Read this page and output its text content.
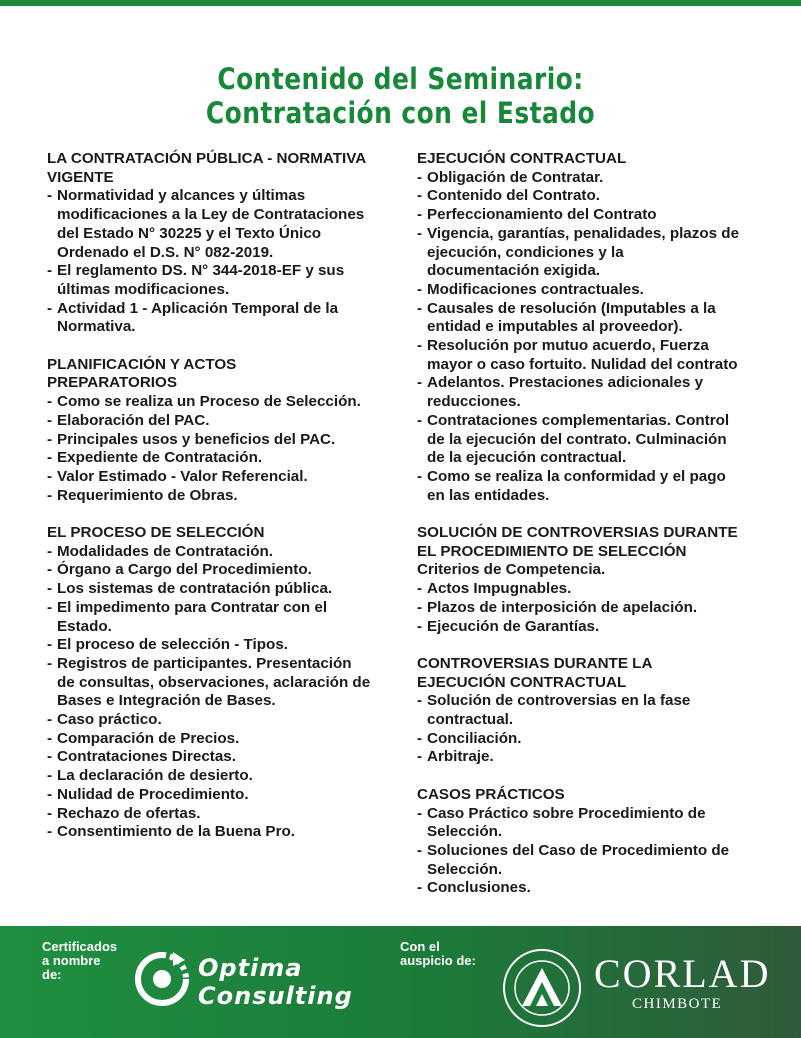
Contenido del Seminario:
Contratación con el Estado
LA CONTRATACIÓN PÚBLICA - NORMATIVA
VIGENTE
- Normatividad y alcances y últimas
modificaciones a la Ley de Contrataciones
del Estado N° 30225 y el Texto Único
Ordenado el D.S. N° 082-2019.
- El reglamento DS. N° 344-2018-EF y sus
últimas modificaciones.
- Actividad 1 - Aplicación Temporal de la
Normativa.
PLANIFICACIÓN Y ACTOS
PREPARATORIOS
- Como se realiza un Proceso de Selección.
- Elaboración del PAC.
- Principales usos y beneficios del PAC.
- Expediente de Contratación.
- Valor Estimado - Valor Referencial.
- Requerimiento de Obras.
EL PROCESO DE SELECCIÓN
- Modalidades de Contratación.
- Órgano a Cargo del Procedimiento.
- Los sistemas de contratación pública.
- El impedimento para Contratar con el
Estado.
- El proceso de selección - Tipos.
- Registros de participantes. Presentación
de consultas, observaciones, aclaración de
Bases e Integración de Bases.
- Caso práctico.
- Comparación de Precios.
- Contrataciones Directas.
- La declaración de desierto.
- Nulidad de Procedimiento.
- Rechazo de ofertas.
- Consentimiento de la Buena Pro.
EJECUCIÓN CONTRACTUAL
- Obligación de Contratar.
- Contenido del Contrato.
- Perfeccionamiento del Contrato
- Vigencia, garantías, penalidades, plazos de
ejecución, condiciones y la
documentación exigida.
- Modificaciones contractuales.
- Causales de resolución (Imputables a la
entidad e imputables al proveedor).
- Resolución por mutuo acuerdo, Fuerza
mayor o caso fortuito. Nulidad del contrato
- Adelantos. Prestaciones adicionales y
reducciones.
- Contrataciones complementarias. Control
de la ejecución del contrato. Culminación
de la ejecución contractual.
- Como se realiza la conformidad y el pago
en las entidades.
SOLUCIÓN DE CONTROVERSIAS DURANTE
EL PROCEDIMIENTO DE SELECCIÓN
Criterios de Competencia.
- Actos Impugnables.
- Plazos de interposición de apelación.
- Ejecución de Garantías.
CONTROVERSIAS DURANTE LA
EJECUCIÓN CONTRACTUAL
- Solución de controversias en la fase
contractual.
- Conciliación.
- Arbitraje.
CASOS PRÁCTICOS
- Caso Práctico sobre Procedimiento de
Selección.
- Soluciones del Caso de Procedimiento de
Selección.
- Conclusiones.
Certificados
a nombre
de:	Optima
Consulting
Con el
auspicio de:	CORLAD
CHIMBOTE
